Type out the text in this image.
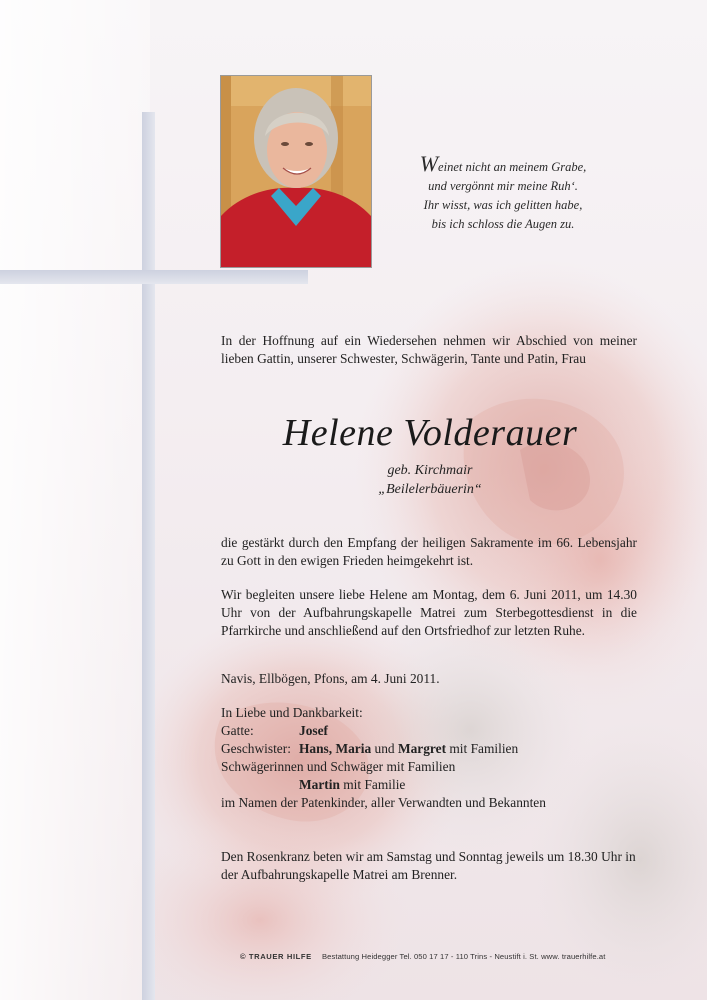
Weinet nicht an meinem Grabe,
und vergönnt mir meine Ruh‘.
Ihr wisst, was ich gelitten habe,
bis ich schloss die Augen zu.
In der Hoffnung auf ein Wiedersehen nehmen wir Abschied von meiner lieben Gattin, unserer Schwester, Schwägerin, Tante und Patin, Frau
Helene Volderauer
geb. Kirchmair
„Beilelerbäuerin“
die gestärkt durch den Empfang der heiligen Sakramente im 66. Lebensjahr zu Gott in den ewigen Frieden heimgekehrt ist.
Wir begleiten unsere liebe Helene am Montag, dem 6. Juni 2011, um 14.30 Uhr von der Aufbahrungskapelle Matrei zum Sterbegottesdienst in die Pfarrkirche und anschließend auf den Ortsfriedhof zur letzten Ruhe.
Navis, Ellbögen, Pfons, am 4. Juni 2011.
In Liebe und Dankbarkeit:
Gatte:	Josef
Geschwister: Hans, Maria und Margret mit Familien
Schwägerinnen und Schwäger mit Familien
Martin mit Familie
im Namen der Patenkinder, aller Verwandten und Bekannten
Den Rosenkranz beten wir am Samstag und Sonntag jeweils um 18.30 Uhr in der Aufbahrungskapelle Matrei am Brenner.
© TRAUER HILFE Bestattung Heidegger Tel. 050 17 17 - 110 Trins - Neustift i. St. www. trauerhilfe.at
